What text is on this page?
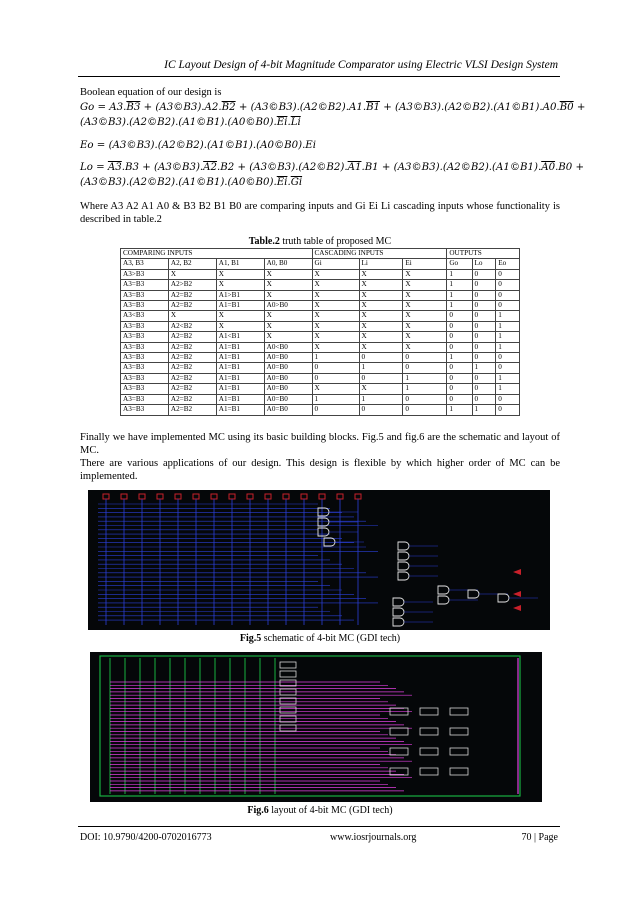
IC Layout Design of 4-bit Magnitude Comparator using Electric VLSI Design System
Boolean equation of our design is
Go = A3.B3 + (A3©B3).A2.B2 + (A3©B3).(A2©B2).A1.B1 + (A3©B3).(A2©B2).(A1©B1).A0.B0 +
$(A3©B3).(A2©B2).(A1©B1).(A0©B0).\overline{Ei}.\overline{Li}$
Eo = (A3©B3).(A2©B2).(A1©B1).(A0©B0).Ei
Lo = A3.B3 + (A3©B3).A2.B2 + (A3©B3).(A2©B2).A1.B1 + (A3©B3).(A2©B2).(A1©B1).A0.B0 +
$(A3©B3).(A2©B2).(A1©B1).(A0©B0).\overline{Ei}.\overline{Gi}$
Where A3 A2 A1 A0 & B3 B2 B1 B0 are comparing inputs and Gi Ei Li cascading inputs whose functionality is described in table.2
Table.2 truth table of proposed MC
COMPARING INPUTS				CASCADING INPUTS			OUTPUTS		
A3, B3	A2, B2	A1, B1	A0, B0	Gi	Li	Ei	Go	Lo	Eo
A3>B3	X	X	X	X	X	X	1	0	0
A3=B3	A2>B2	X	X	X	X	X	1	0	0
A3=B3	A2=B2	A1>B1	X	X	X	X	1	0	0
A3=B3	A2=B2	A1=B1	A0>B0	X	X	X	1	0	0
A3<B3	X	X	X	X	X	X	0	0	1
A3=B3	A2<B2	X	X	X	X	X	0	0	1
A3=B3	A2=B2	A1<B1	X	X	X	X	0	0	1
A3=B3	A2=B2	A1=B1	A0<B0	X	X	X	0	0	1
A3=B3	A2=B2	A1=B1	A0=B0	1	0	0	1	0	0
A3=B3	A2=B2	A1=B1	A0=B0	0	1	0	0	1	0
A3=B3	A2=B2	A1=B1	A0=B0	0	0	1	0	0	1
A3=B3	A2=B2	A1=B1	A0=B0	X	X	1	0	0	1
A3=B3	A2=B2	A1=B1	A0=B0	1	1	0	0	0	0
A3=B3	A2=B2	A1=B1	A0=B0	0	0	0	1	1	0
Finally we have implemented MC using its basic building blocks. Fig.5 and fig.6 are the schematic and layout of MC.
There are various applications of our design. This design is flexible by which higher order of MC can be implemented.
Fig.5 schematic of 4-bit MC (GDI tech)
Fig.6 layout of 4-bit MC (GDI tech)
DOI: 10.9790/4200-0702016773	www.iosrjournals.org	70 | Page
